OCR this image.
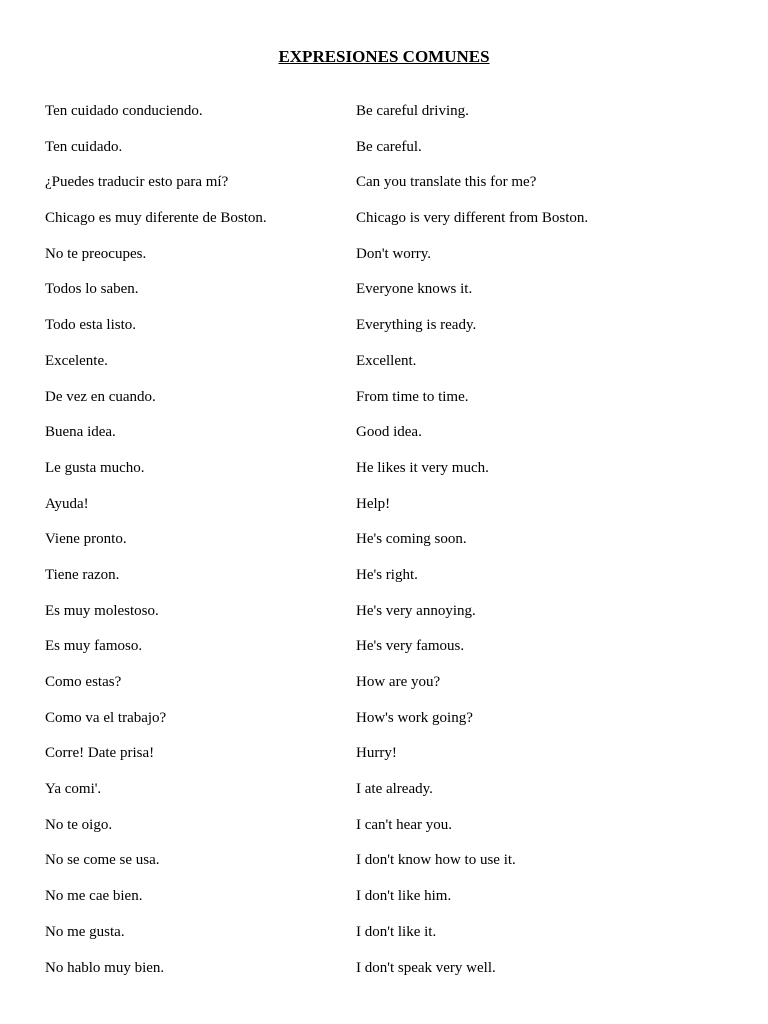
EXPRESIONES COMUNES
Ten cuidado conduciendo.	Be careful driving.
Ten cuidado.	Be careful.
¿Puedes traducir esto para mí?	Can you translate this for me?
Chicago es muy diferente de Boston.	Chicago is very different from Boston.
No te preocupes.	Don't worry.
Todos lo saben.	Everyone knows it.
Todo esta listo.	Everything is ready.
Excelente.	Excellent.
De vez en cuando.	From time to time.
Buena idea.	Good idea.
Le gusta mucho.	He likes it very much.
Ayuda!	Help!
Viene pronto.	He's coming soon.
Tiene razon.	He's right.
Es muy molestoso.	He's very annoying.
Es muy famoso.	He's very famous.
Como estas?	How are you?
Como va el trabajo?	How's work going?
Corre! Date prisa!	Hurry!
Ya comi'.	I ate already.
No te oigo.	I can't hear you.
No se come se usa.	I don't know how to use it.
No me cae bien.	I don't like him.
No me gusta.	I don't like it.
No hablo muy bien.	I don't speak very well.
